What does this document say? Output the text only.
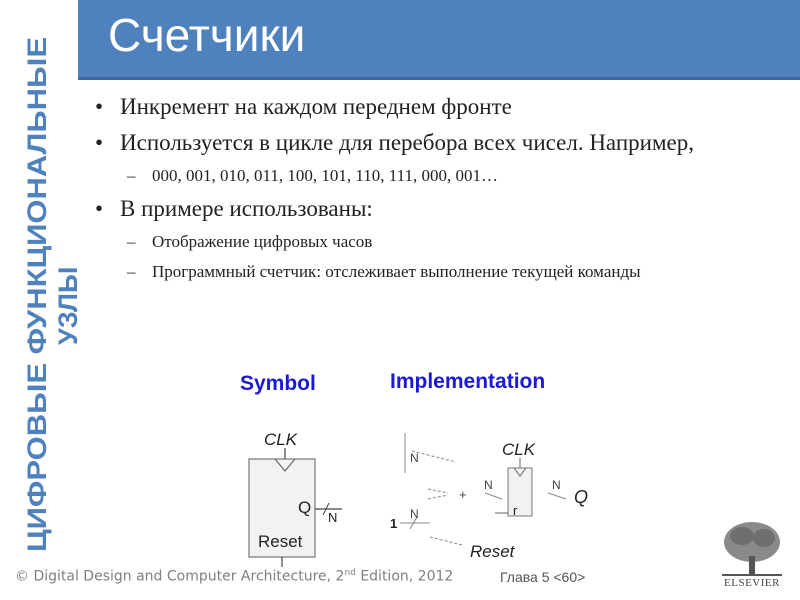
ЦИФРОВЫЕ ФУНКЦИОНАЛЬНЫЕ УЗЛЫ
Счетчики
• Инкремент на каждом переднем фронте
• Используется в цикле для перебора всех чисел. Например,
– 000, 001, 010, 011, 100, 101, 110, 111, 000, 001…
• В примере использованы:
– Отображение цифровых часов
– Программный счетчик: отслеживает выполнение текущей команды
Symbol	Implementation
CLK
Q
N
Reset
N
+
N
1
N
CLK
r
N
Q
Reset
© Digital Design and Computer Architecture, 2nd Edition, 2012	Глава 5 <60>	ELSEVIER
